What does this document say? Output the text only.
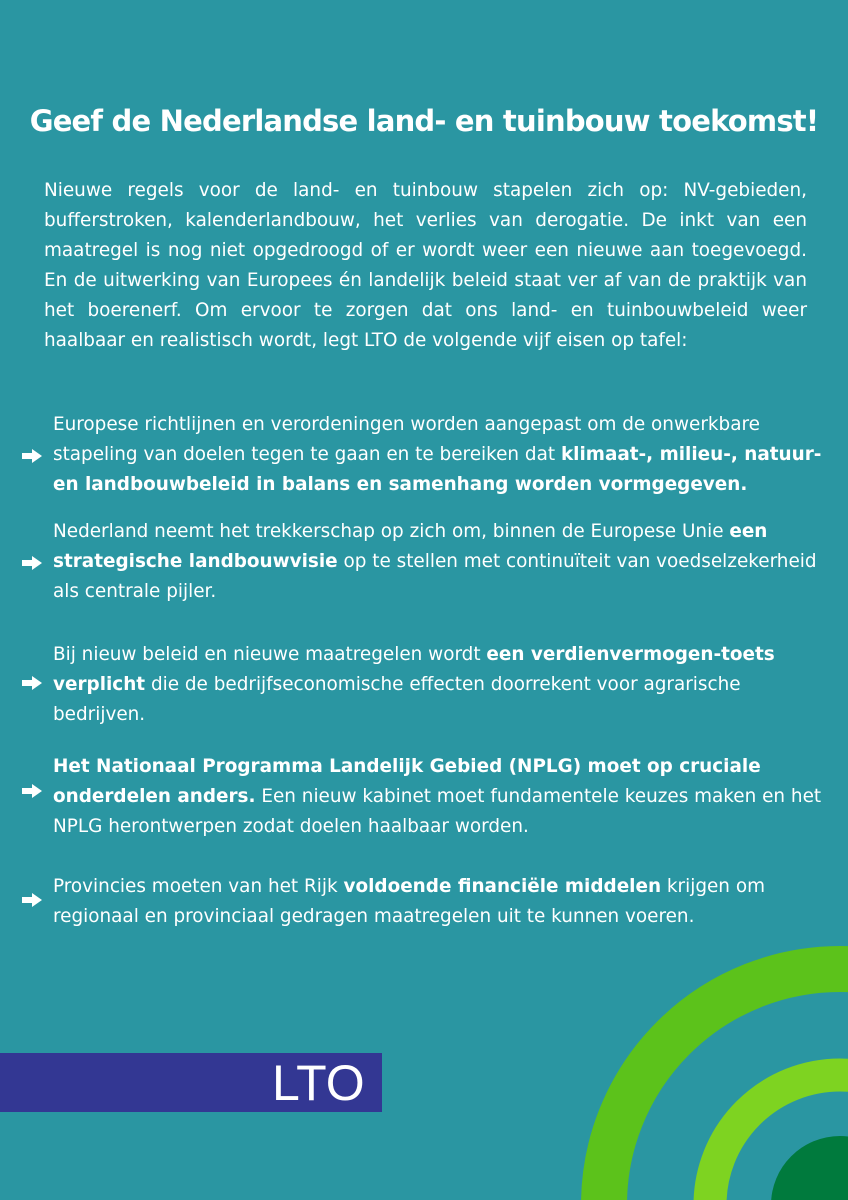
Geef de Nederlandse land- en tuinbouw toekomst!

Nieuwe regels voor de land- en tuinbouw stapelen zich op: NV-gebieden, bufferstroken, kalenderlandbouw, het verlies van derogatie. De inkt van een maatregel is nog niet opgedroogd of er wordt weer een nieuwe aan toegevoegd. En de uitwerking van Europees én landelijk beleid staat ver af van de praktijk van het boerenerf. Om ervoor te zorgen dat ons land- en tuinbouwbeleid weer haalbaar en realistisch wordt, legt LTO de volgende vijf eisen op tafel:

Europese richtlijnen en verordeningen worden aangepast om de onwerkbare stapeling van doelen tegen te gaan en te bereiken dat klimaat-, milieu-, natuur- en landbouwbeleid in balans en samenhang worden vormgegeven.

Nederland neemt het trekkerschap op zich om, binnen de Europese Unie een strategische landbouwvisie op te stellen met continuïteit van voedselzekerheid als centrale pijler.

Bij nieuw beleid en nieuwe maatregelen wordt een verdienvermogen-toets verplicht die de bedrijfseconomische effecten doorrekent voor agrarische bedrijven.

Het Nationaal Programma Landelijk Gebied (NPLG) moet op cruciale onderdelen anders. Een nieuw kabinet moet fundamentele keuzes maken en het NPLG herontwerpen zodat doelen haalbaar worden.

Provincies moeten van het Rijk voldoende financiële middelen krijgen om regionaal en provinciaal gedragen maatregelen uit te kunnen voeren.

LTO
